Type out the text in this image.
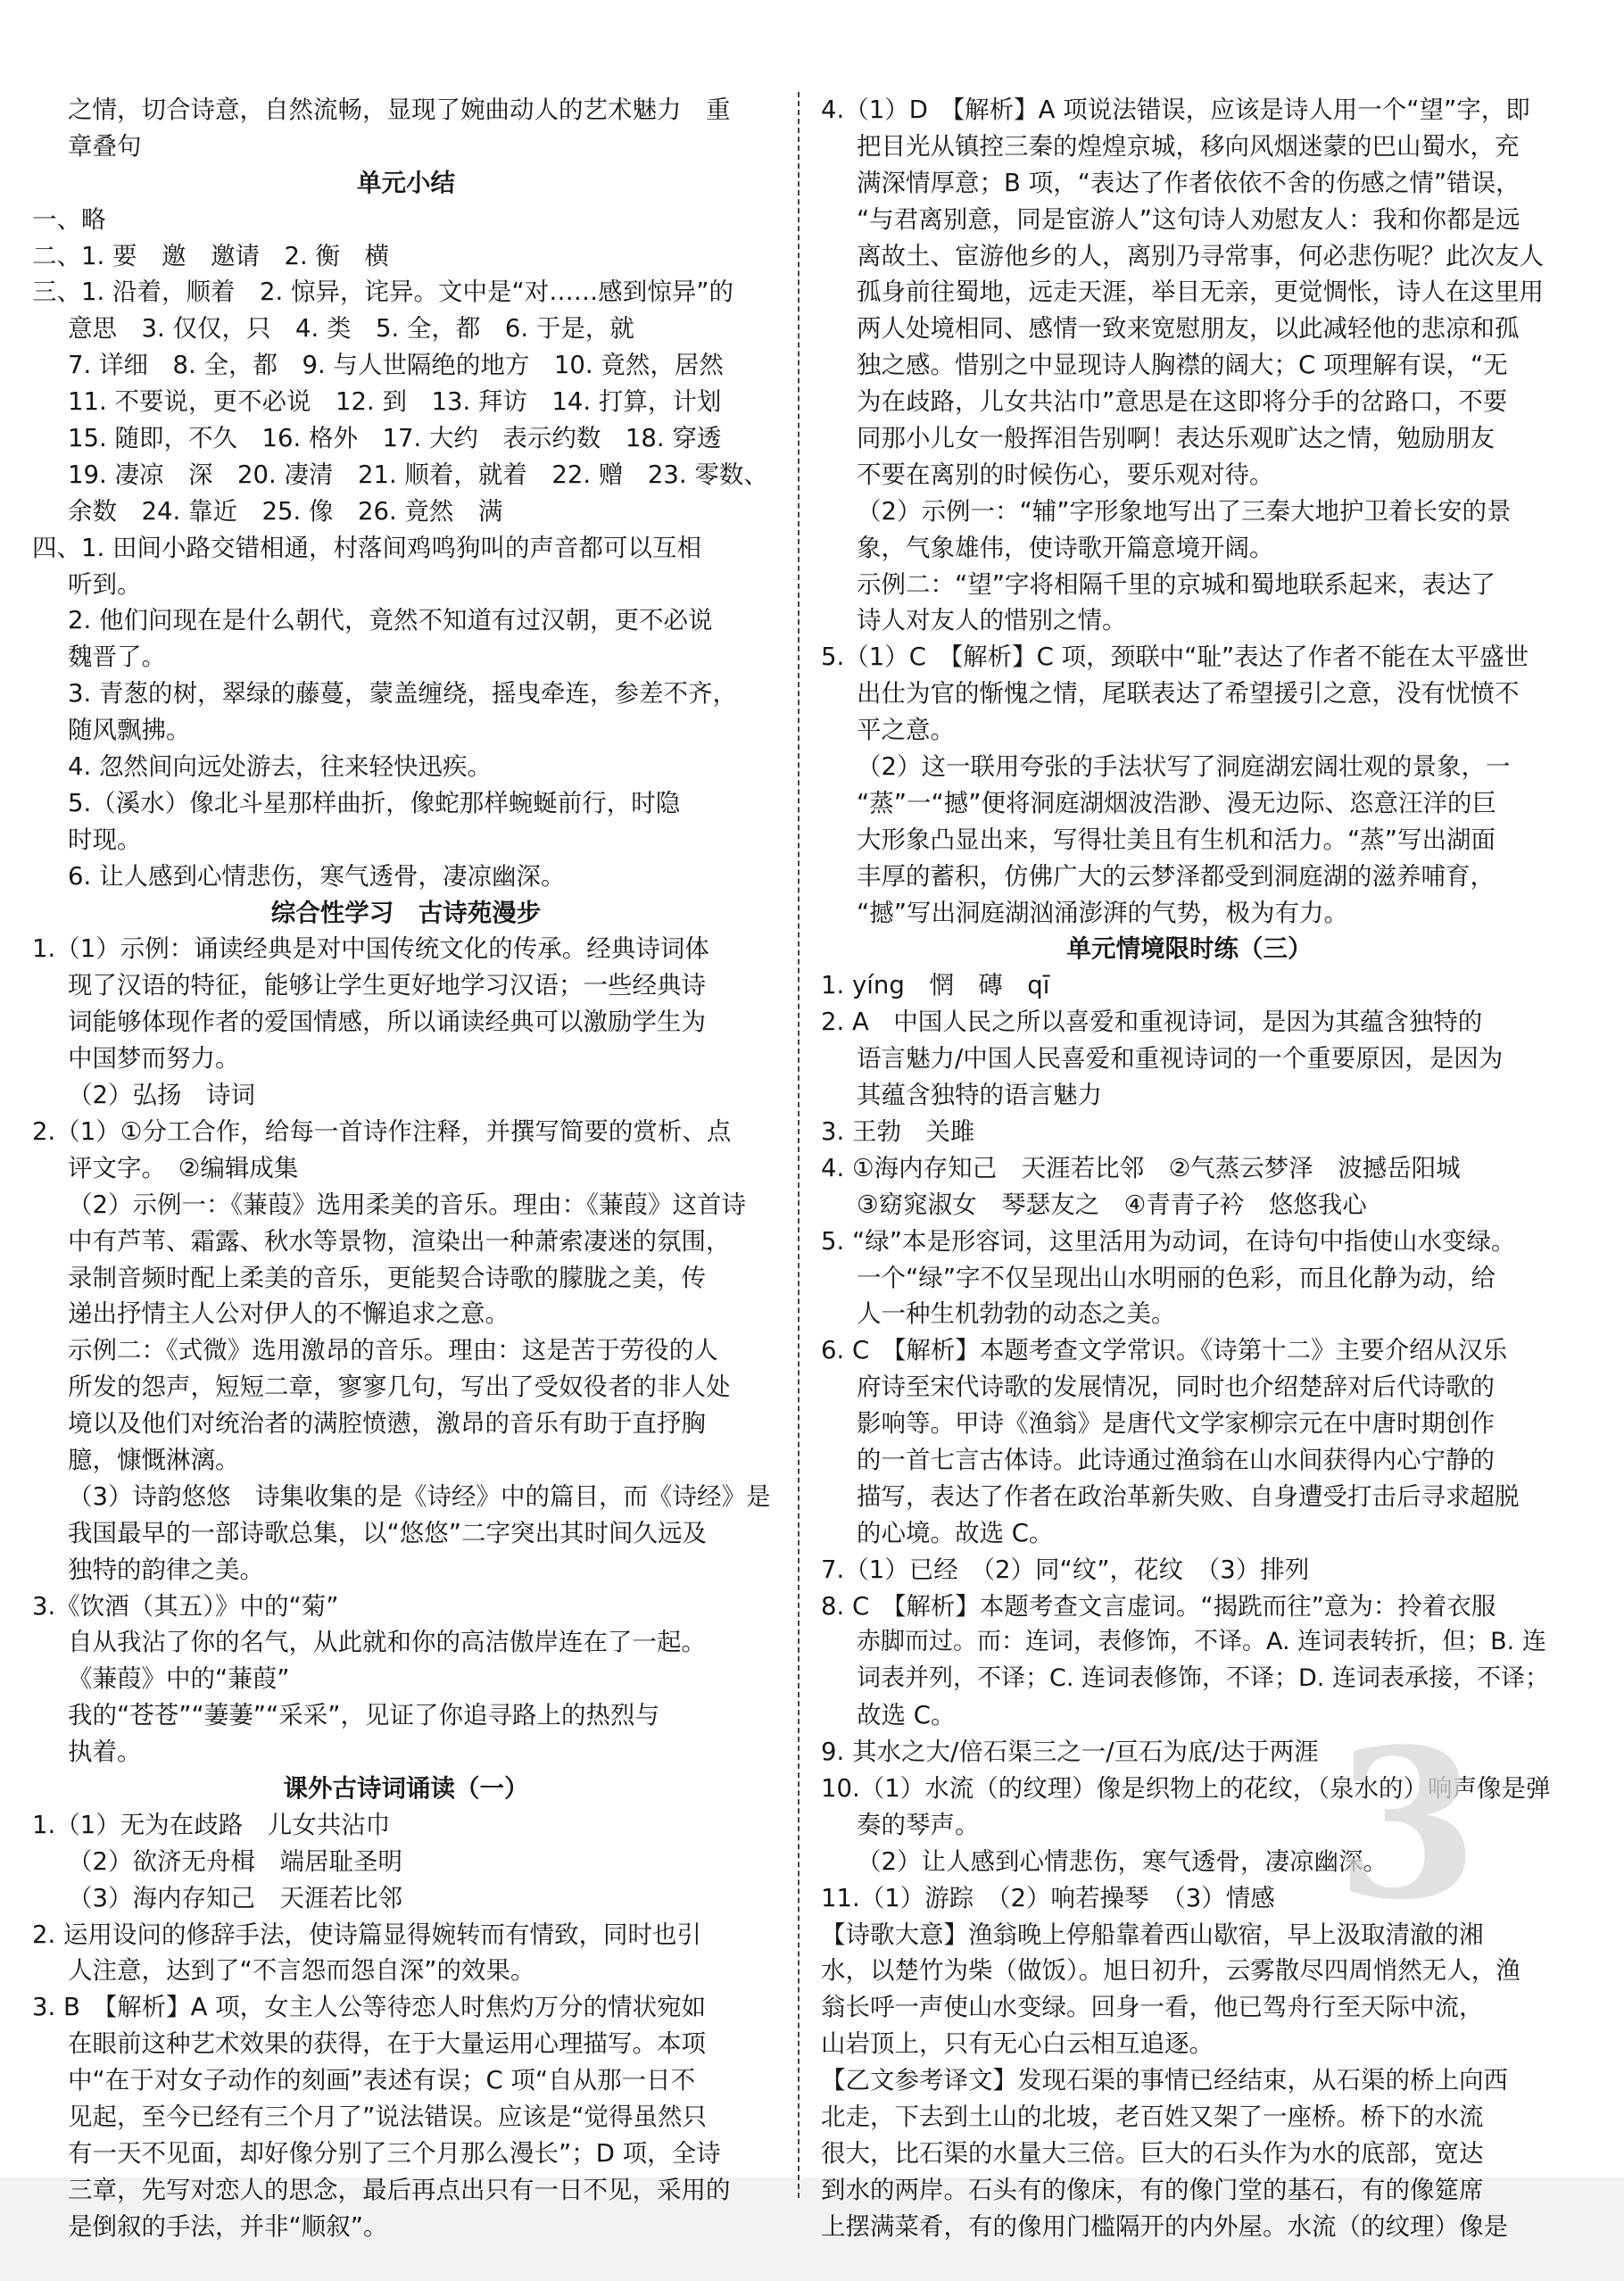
之情，切合诗意，自然流畅，显现了婉曲动人的艺术魅力　重
章叠句
单元小结
一、略
二、1. 要　邀　邀请　2. 衡　横
三、1. 沿着，顺着　2. 惊异，诧异。文中是“对……感到惊异”的
意思　3. 仅仅，只　4. 类　5. 全，都　6. 于是，就
7. 详细　8. 全，都　9. 与人世隔绝的地方　10. 竟然，居然
11. 不要说，更不必说　12. 到　13. 拜访　14. 打算，计划
15. 随即，不久　16. 格外　17. 大约　表示约数　18. 穿透
19. 凄凉　深　20. 凄清　21. 顺着，就着　22. 赠　23. 零数、
余数　24. 靠近　25. 像　26. 竟然　满
四、1. 田间小路交错相通，村落间鸡鸣狗叫的声音都可以互相
听到。
2. 他们问现在是什么朝代，竟然不知道有过汉朝，更不必说
魏晋了。
3. 青葱的树，翠绿的藤蔓，蒙盖缠绕，摇曳牵连，参差不齐，
随风飘拂。
4. 忽然间向远处游去，往来轻快迅疾。
5.（溪水）像北斗星那样曲折，像蛇那样蜿蜒前行，时隐
时现。
6. 让人感到心情悲伤，寒气透骨，凄凉幽深。
综合性学习　古诗苑漫步
1.（1）示例：诵读经典是对中国传统文化的传承。经典诗词体
现了汉语的特征，能够让学生更好地学习汉语；一些经典诗
词能够体现作者的爱国情感，所以诵读经典可以激励学生为
中国梦而努力。
（2）弘扬　诗词
2.（1）①分工合作，给每一首诗作注释，并撰写简要的赏析、点
评文字。　②编辑成集
（2）示例一：《蒹葭》选用柔美的音乐。理由：《蒹葭》这首诗
中有芦苇、霜露、秋水等景物，渲染出一种萧索凄迷的氛围，
录制音频时配上柔美的音乐，更能契合诗歌的朦胧之美，传
递出抒情主人公对伊人的不懈追求之意。
示例二：《式微》选用激昂的音乐。理由：这是苦于劳役的人
所发的怨声，短短二章，寥寥几句，写出了受奴役者的非人处
境以及他们对统治者的满腔愤懑，激昂的音乐有助于直抒胸
臆，慷慨淋漓。
（3）诗韵悠悠　诗集收集的是《诗经》中的篇目，而《诗经》是
我国最早的一部诗歌总集，以“悠悠”二字突出其时间久远及
独特的韵律之美。
3.《饮酒（其五）》中的“菊”
自从我沾了你的名气，从此就和你的高洁傲岸连在了一起。
《蒹葭》中的“蒹葭”
我的“苍苍”“萋萋”“采采”，见证了你追寻路上的热烈与
执着。
课外古诗词诵读（一）
1.（1）无为在歧路　儿女共沾巾
（2）欲济无舟楫　端居耻圣明
（3）海内存知己　天涯若比邻
2. 运用设问的修辞手法，使诗篇显得婉转而有情致，同时也引
人注意，达到了“不言怨而怨自深”的效果。
3. B　【解析】A 项，女主人公等待恋人时焦灼万分的情状宛如
在眼前这种艺术效果的获得，在于大量运用心理描写。本项
中“在于对女子动作的刻画”表述有误；C 项“自从那一日不
见起，至今已经有三个月了”说法错误。应该是“觉得虽然只
有一天不见面，却好像分别了三个月那么漫长”；D 项，全诗
三章，先写对恋人的思念，最后再点出只有一日不见，采用的
是倒叙的手法，并非“顺叙”。
4.（1）D　【解析】A 项说法错误，应该是诗人用一个“望”字，即
把目光从镇控三秦的煌煌京城，移向风烟迷蒙的巴山蜀水，充
满深情厚意；B 项，“表达了作者依依不舍的伤感之情”错误，
“与君离别意，同是宦游人”这句诗人劝慰友人：我和你都是远
离故土、宦游他乡的人，离别乃寻常事，何必悲伤呢？此次友人
孤身前往蜀地，远走天涯，举目无亲，更觉惆怅，诗人在这里用
两人处境相同、感情一致来宽慰朋友，以此减轻他的悲凉和孤
独之感。惜别之中显现诗人胸襟的阔大；C 项理解有误，“无
为在歧路，儿女共沾巾”意思是在这即将分手的岔路口，不要
同那小儿女一般挥泪告别啊！表达乐观旷达之情，勉励朋友
不要在离别的时候伤心，要乐观对待。
（2）示例一：“辅”字形象地写出了三秦大地护卫着长安的景
象，气象雄伟，使诗歌开篇意境开阔。
示例二：“望”字将相隔千里的京城和蜀地联系起来，表达了
诗人对友人的惜别之情。
5.（1）C　【解析】C 项，颈联中“耻”表达了作者不能在太平盛世
出仕为官的惭愧之情，尾联表达了希望援引之意，没有忧愤不
平之意。
（2）这一联用夸张的手法状写了洞庭湖宏阔壮观的景象，一
“蒸”一“撼”便将洞庭湖烟波浩渺、漫无边际、恣意汪洋的巨
大形象凸显出来，写得壮美且有生机和活力。“蒸”写出湖面
丰厚的蓄积，仿佛广大的云梦泽都受到洞庭湖的滋养哺育，
“撼”写出洞庭湖汹涌澎湃的气势，极为有力。
单元情境限时练（三）
1. yíng　惘　磚　qī
2. A　中国人民之所以喜爱和重视诗词，是因为其蕴含独特的
语言魅力/中国人民喜爱和重视诗词的一个重要原因，是因为
其蕴含独特的语言魅力
3. 王勃　关雎
4. ①海内存知己　天涯若比邻　②气蒸云梦泽　波撼岳阳城
③窈窕淑女　琴瑟友之　④青青子衿　悠悠我心
5. “绿”本是形容词，这里活用为动词，在诗句中指使山水变绿。
一个“绿”字不仅呈现出山水明丽的色彩，而且化静为动，给
人一种生机勃勃的动态之美。
6. C　【解析】本题考查文学常识。《诗第十二》主要介绍从汉乐
府诗至宋代诗歌的发展情况，同时也介绍楚辞对后代诗歌的
影响等。甲诗《渔翁》是唐代文学家柳宗元在中唐时期创作
的一首七言古体诗。此诗通过渔翁在山水间获得内心宁静的
描写，表达了作者在政治革新失败、自身遭受打击后寻求超脱
的心境。故选 C。
7.（1）已经　（2）同“纹”，花纹　（3）排列
8. C　【解析】本题考查文言虚词。“揭跣而往”意为：拎着衣服
赤脚而过。而：连词，表修饰，不译。A. 连词表转折，但；B. 连
词表并列，不译；C. 连词表修饰，不译；D. 连词表承接，不译；
故选 C。
9. 其水之大/倍石渠三之一/亘石为底/达于两涯
10.（1）水流（的纹理）像是织物上的花纹，（泉水的）响声像是弹
奏的琴声。
（2）让人感到心情悲伤，寒气透骨，凄凉幽深。
11.（1）游踪　（2）响若操琴　（3）情感
【诗歌大意】渔翁晚上停船靠着西山歇宿，早上汲取清澈的湘
水，以楚竹为柴（做饭）。旭日初升，云雾散尽四周悄然无人，渔
翁长呼一声使山水变绿。回身一看，他已驾舟行至天际中流，
山岩顶上，只有无心白云相互追逐。
【乙文参考译文】发现石渠的事情已经结束，从石渠的桥上向西
北走，下去到土山的北坡，老百姓又架了一座桥。桥下的水流
很大，比石渠的水量大三倍。巨大的石头作为水的底部，宽达
到水的两岸。石头有的像床，有的像门堂的基石，有的像筵席
上摆满菜肴，有的像用门槛隔开的内外屋。水流（的纹理）像是
3
